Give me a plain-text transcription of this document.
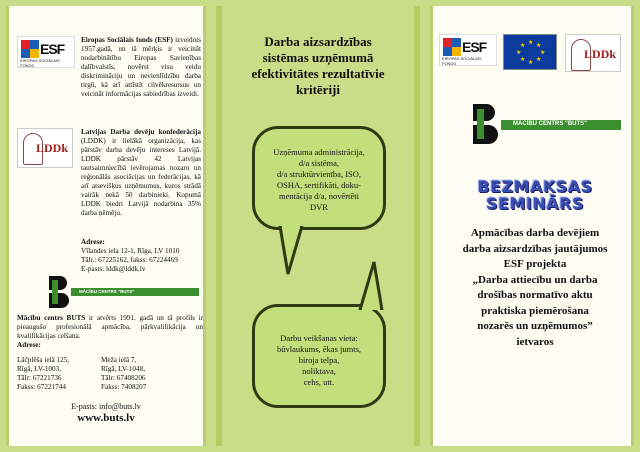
ESF
EIROPAS SOCIĀLAIS
FONDS
Eiropas Sociālais fonds (ESF) izveidots 1957.gadā, un tā mērķis ir veicināt nodarbinātību Eiropas Savienības dalībvalstīs, novērst visu veidu diskrimināciju un nevienlīdzību darba tirgū, kā arī attīstīt cilvēkresursus un veicināt informācijas sabiedrības izveidi.
LDDk
Latvijas Darba devēju konfederācija (LDDK) ir lielākā organizācija, kas pārstāv darba devēju intereses Latvijā. LDDK pārstāv 42 Latvijas tautsaimniecībā ievērojamas nozaru un reģionālās asociācijas un federācijas, kā arī atsevišķus uzņēmumus, kuros strādā vairāk nekā 50 darbinieki. Kopumā LDDK biedri Latvijā nodarbina 35% darba ņēmēju.
Adrese:
Vīlandes iela 12-1, Rīga, LV 1010
Tālr.: 67225162, fakss: 67224469
E-pasts: lddk@lddk.lv
MĀCĪBU CENTRS "BUTS"
Mācību centrs BUTS ir atvērts 1991. gadā un tā profils ir pieaugušo profesionālā apmācība, pārkvalifikācija un kvalifikācijas celšana.
Adrese:
Lāčplēša ielā 125,
Rīgā, LV-1003,
Tālr: 67221736
Fakss: 67221744
Meža ielā 7,
Rīgā, LV-1048,
Tālr: 67408206
Fakss: 7408207
E-pasts: info@buts.lv
www.buts.lv
Darba aizsardzības
sistēmas uzņēmumā
efektivitātes rezultatīvie
kritēriji
Uzņēmuma administrācija,
d/a sistēma,
d/a struktūrvienība, ISO,
OSHA, sertifikāti, doku-
mentācija d/a, novērtēti
DVR
Darbu veikšanas vieta:
būvlaukums, ēkas jumts,
biroja telpa,
noliktava,
cehs, utt.
ESF
EIROPAS SOCIĀLAIS
FONDS
★ ★
★
★
★
★
★
★
LDDk
MĀCĪBU CENTRS "BUTS"
BEZMAKSAS
SEMINĀRS
Apmācības darba devējiem
darba aizsardzības jautājumos
ESF projekta
„Darba attiecību un darba
drošības normatīvo aktu
praktiska piemērošana
nozarēs un uzņēmumos”
ietvaros
